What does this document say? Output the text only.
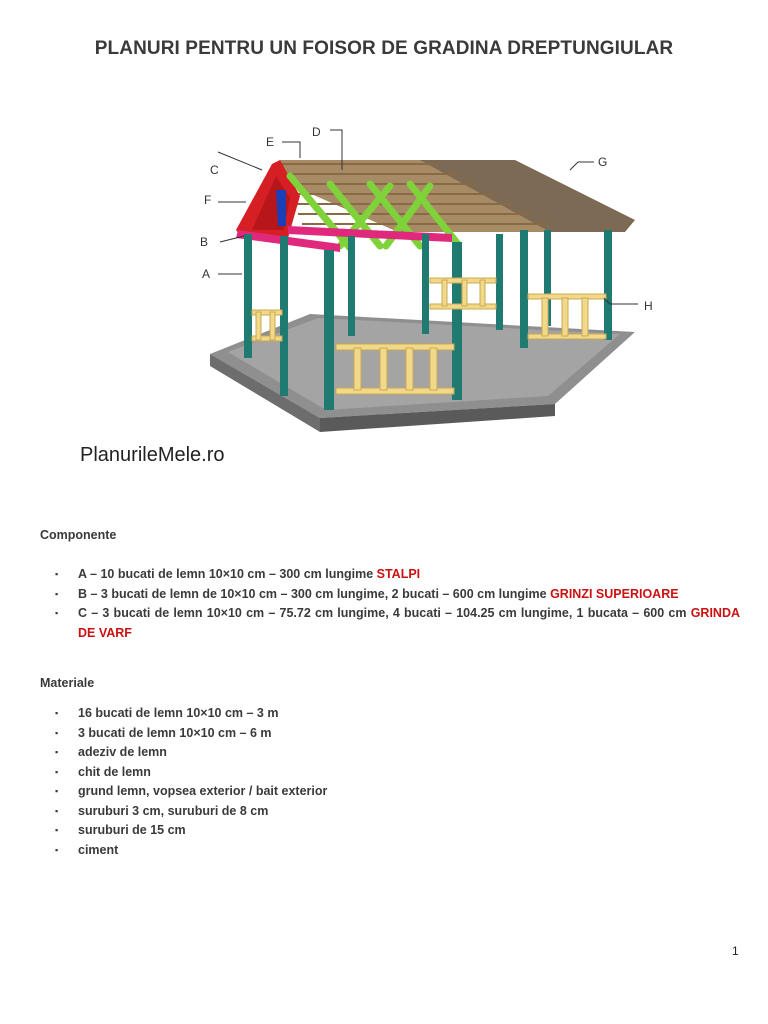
PLANURI PENTRU UN FOISOR DE GRADINA DREPTUNGIULAR
C
F
B
A
D
E
G
H
PlanurileMele.ro
Componente
▪ A – 10 bucati de lemn 10×10 cm – 300 cm lungime STALPI
▪ B – 3 bucati de lemn de 10×10 cm – 300 cm lungime, 2 bucati – 600 cm lungime GRINZI SUPERIOARE
▪ C – 3 bucati de lemn 10×10 cm – 75.72 cm lungime, 4 bucati – 104.25 cm lungime, 1 bucata – 600 cm GRINDA DE VARF
Materiale
▪ 16 bucati de lemn 10×10 cm – 3 m
▪ 3 bucati de lemn 10×10 cm – 6 m
▪ adeziv de lemn
▪ chit de lemn
▪ grund lemn, vopsea exterior / bait exterior
▪ suruburi 3 cm, suruburi de 8 cm
▪ suruburi de 15 cm
▪ ciment
1
